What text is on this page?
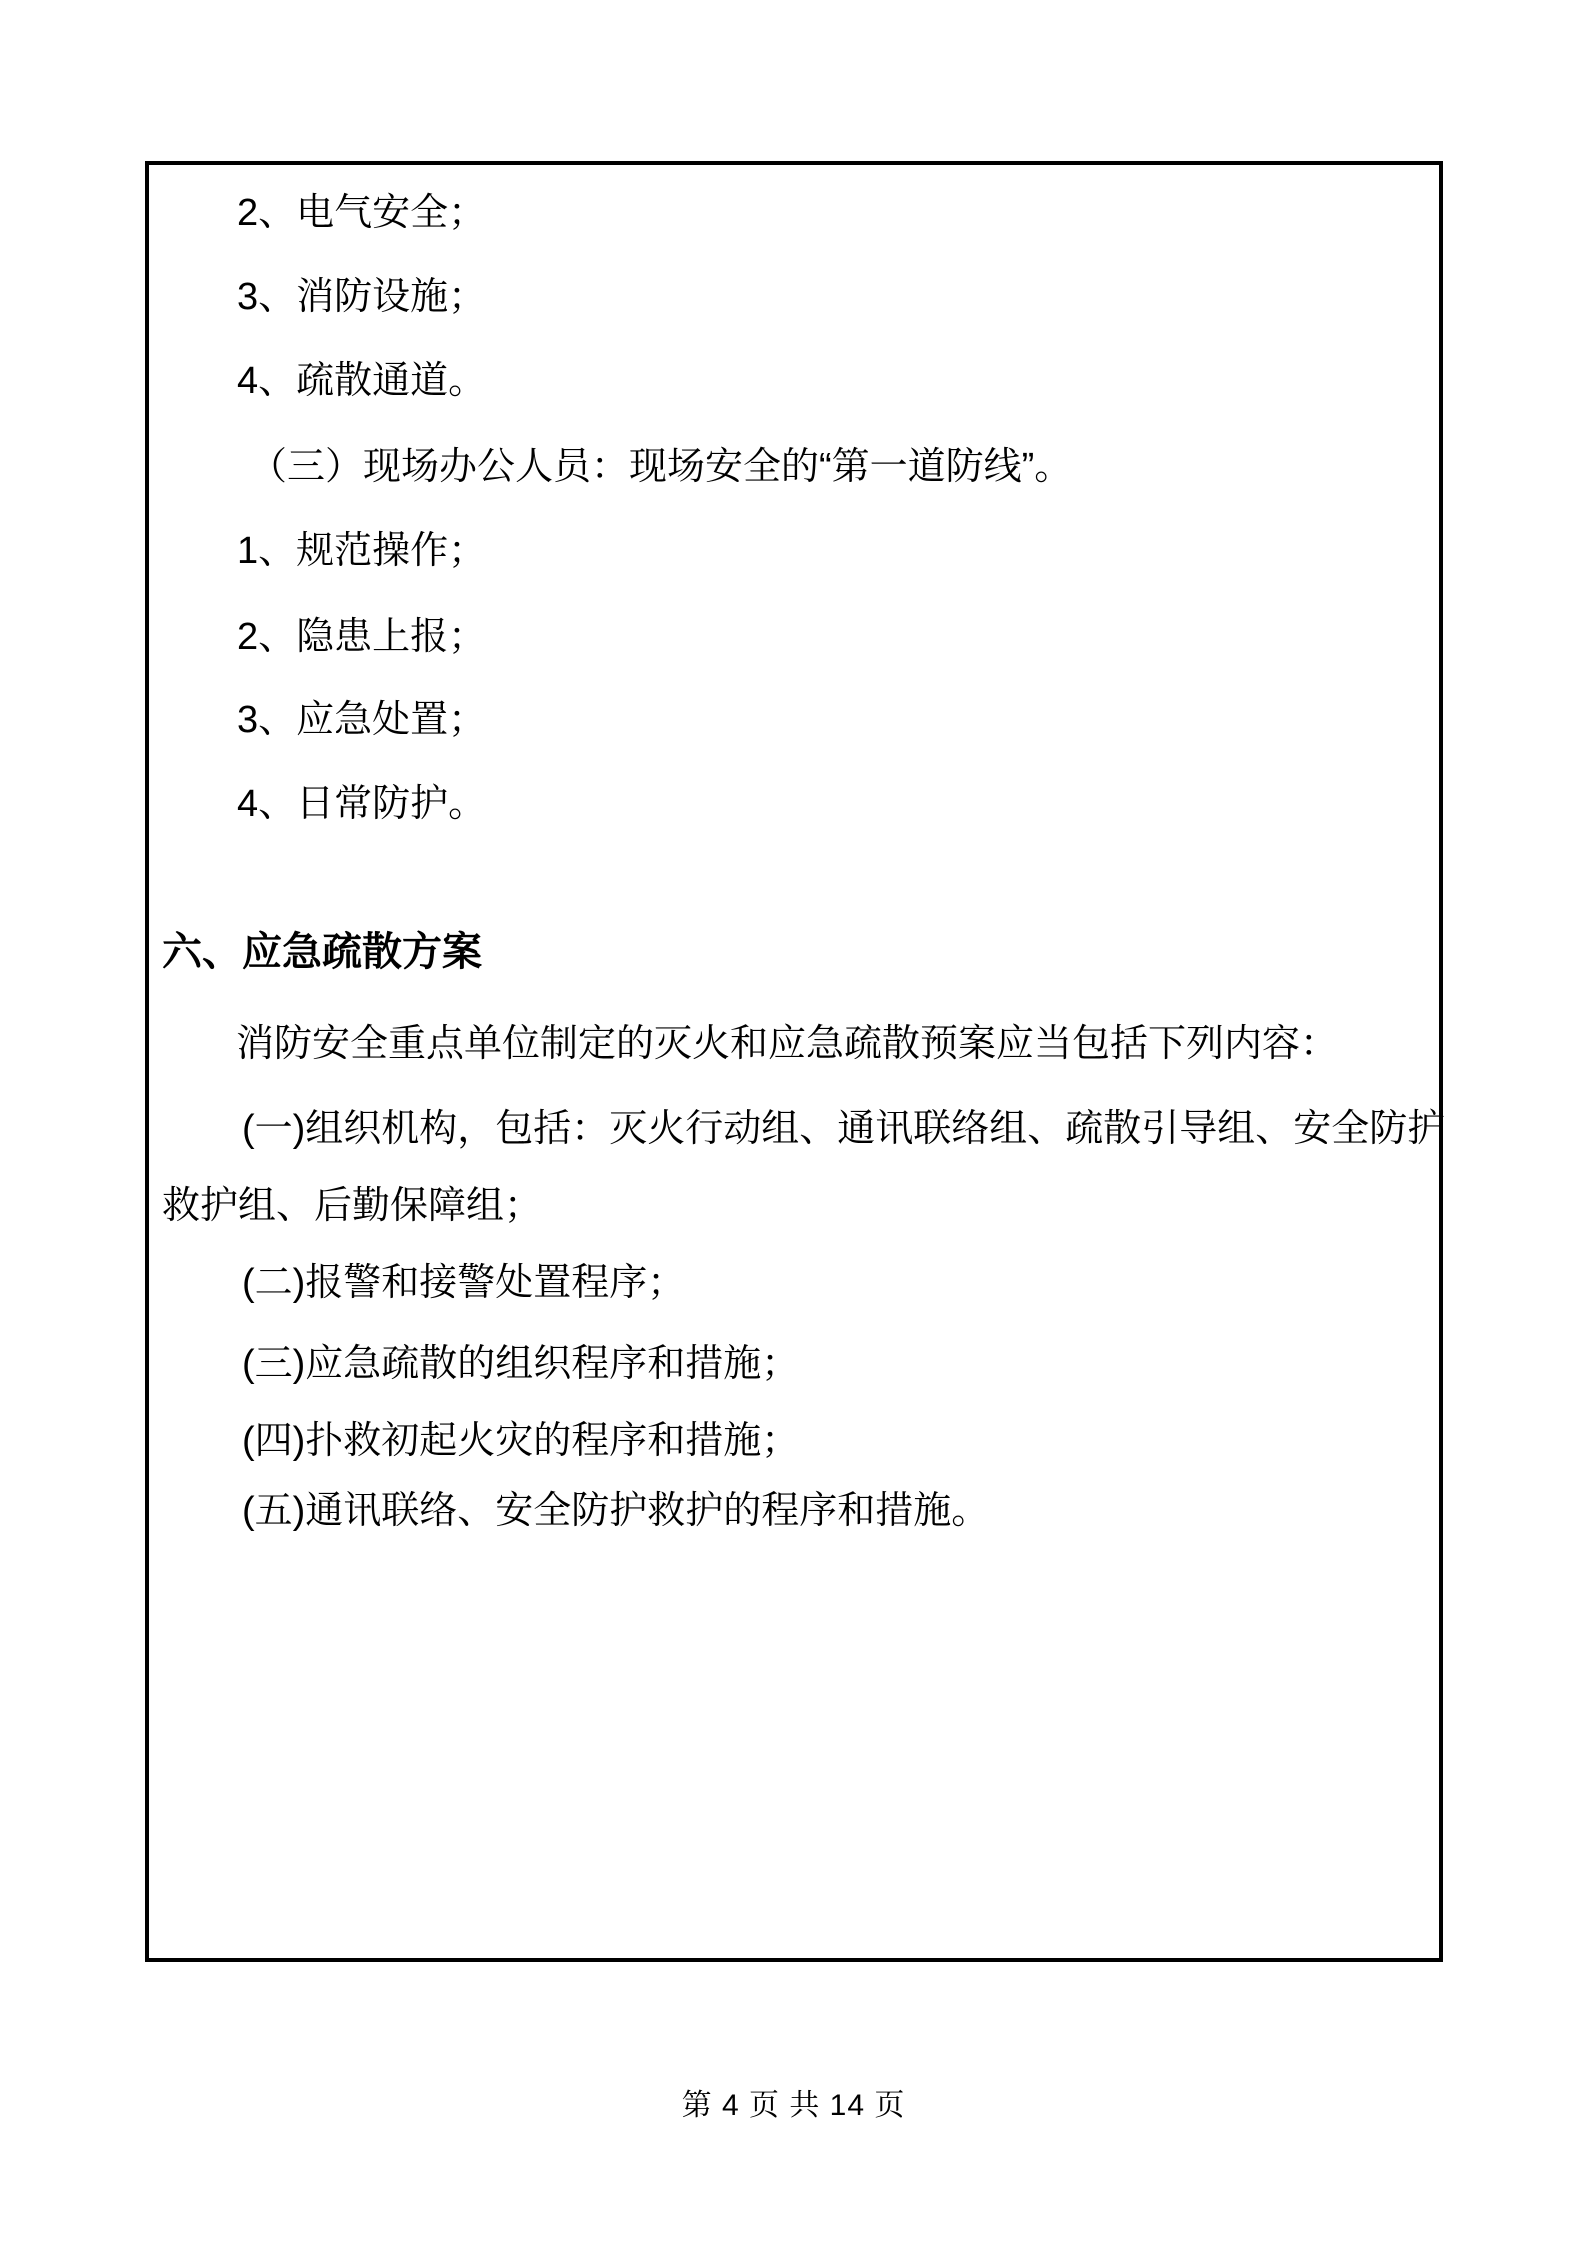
2、电气安全；
3、消防设施；
4、疏散通道。
（三）现场办公人员：现场安全的“第一道防线”。
1、规范操作；
2、隐患上报；
3、应急处置；
4、日常防护。
六、应急疏散方案
消防安全重点单位制定的灭火和应急疏散预案应当包括下列内容：
(一)组织机构，包括：灭火行动组、通讯联络组、疏散引导组、安全防护
救护组、后勤保障组；
(二)报警和接警处置程序；
(三)应急疏散的组织程序和措施；
(四)扑救初起火灾的程序和措施；
(五)通讯联络、安全防护救护的程序和措施。
第 4 页 共 14 页
